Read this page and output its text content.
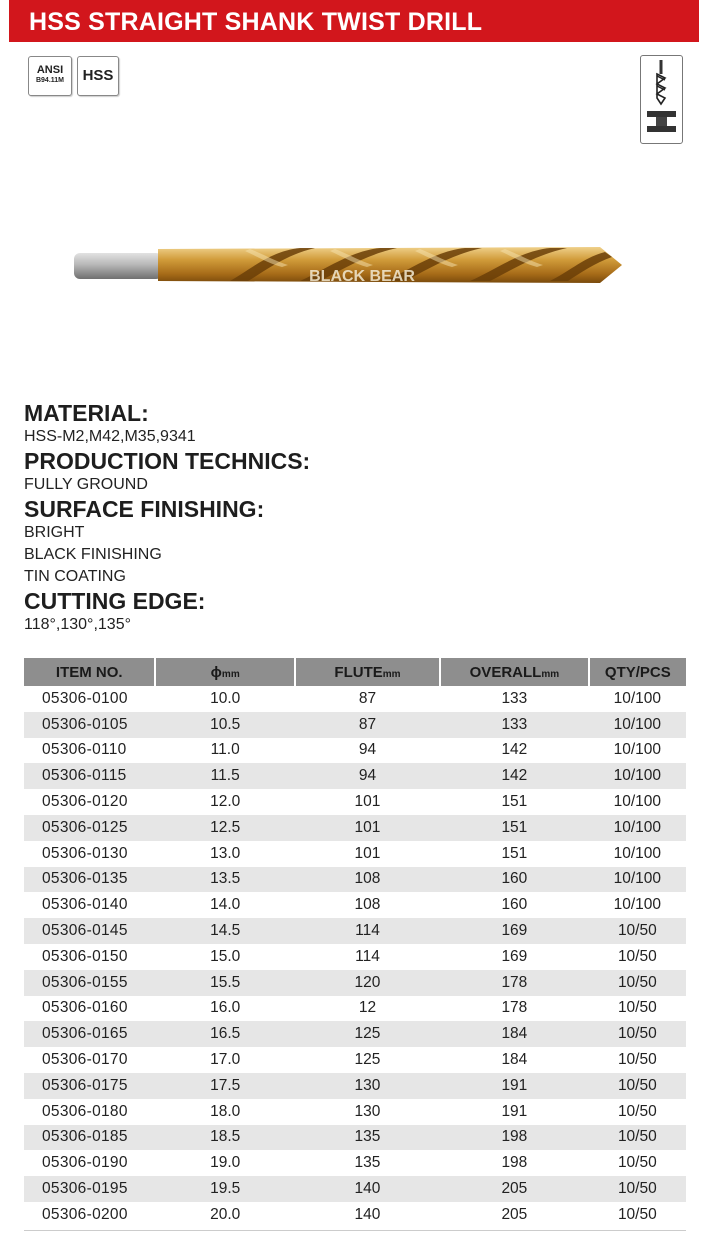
HSS STRAIGHT SHANK TWIST DRILL
ANSI
B94.11M	HSS
BLACK BEAR

MATERIAL:

HSS-M2,M42,M35,9341

PRODUCTION TECHNICS:

FULLY GROUND

SURFACE FINISHING:

BRIGHT

BLACK FINISHING

TIN COATING

CUTTING EDGE:

118°,130°,135°

ITEM NO.	ϕmm	FLUTEmm	OVERALLmm	QTY/PCS
05306-0100	10.0	87	133	10/100
05306-0105	10.5	87	133	10/100
05306-0110	11.0	94	142	10/100
05306-0115	11.5	94	142	10/100
05306-0120	12.0	101	151	10/100
05306-0125	12.5	101	151	10/100
05306-0130	13.0	101	151	10/100
05306-0135	13.5	108	160	10/100
05306-0140	14.0	108	160	10/100
05306-0145	14.5	114	169	10/50
05306-0150	15.0	114	169	10/50
05306-0155	15.5	120	178	10/50
05306-0160	16.0	12	178	10/50
05306-0165	16.5	125	184	10/50
05306-0170	17.0	125	184	10/50
05306-0175	17.5	130	191	10/50
05306-0180	18.0	130	191	10/50
05306-0185	18.5	135	198	10/50
05306-0190	19.0	135	198	10/50
05306-0195	19.5	140	205	10/50
05306-0200	20.0	140	205	10/50
